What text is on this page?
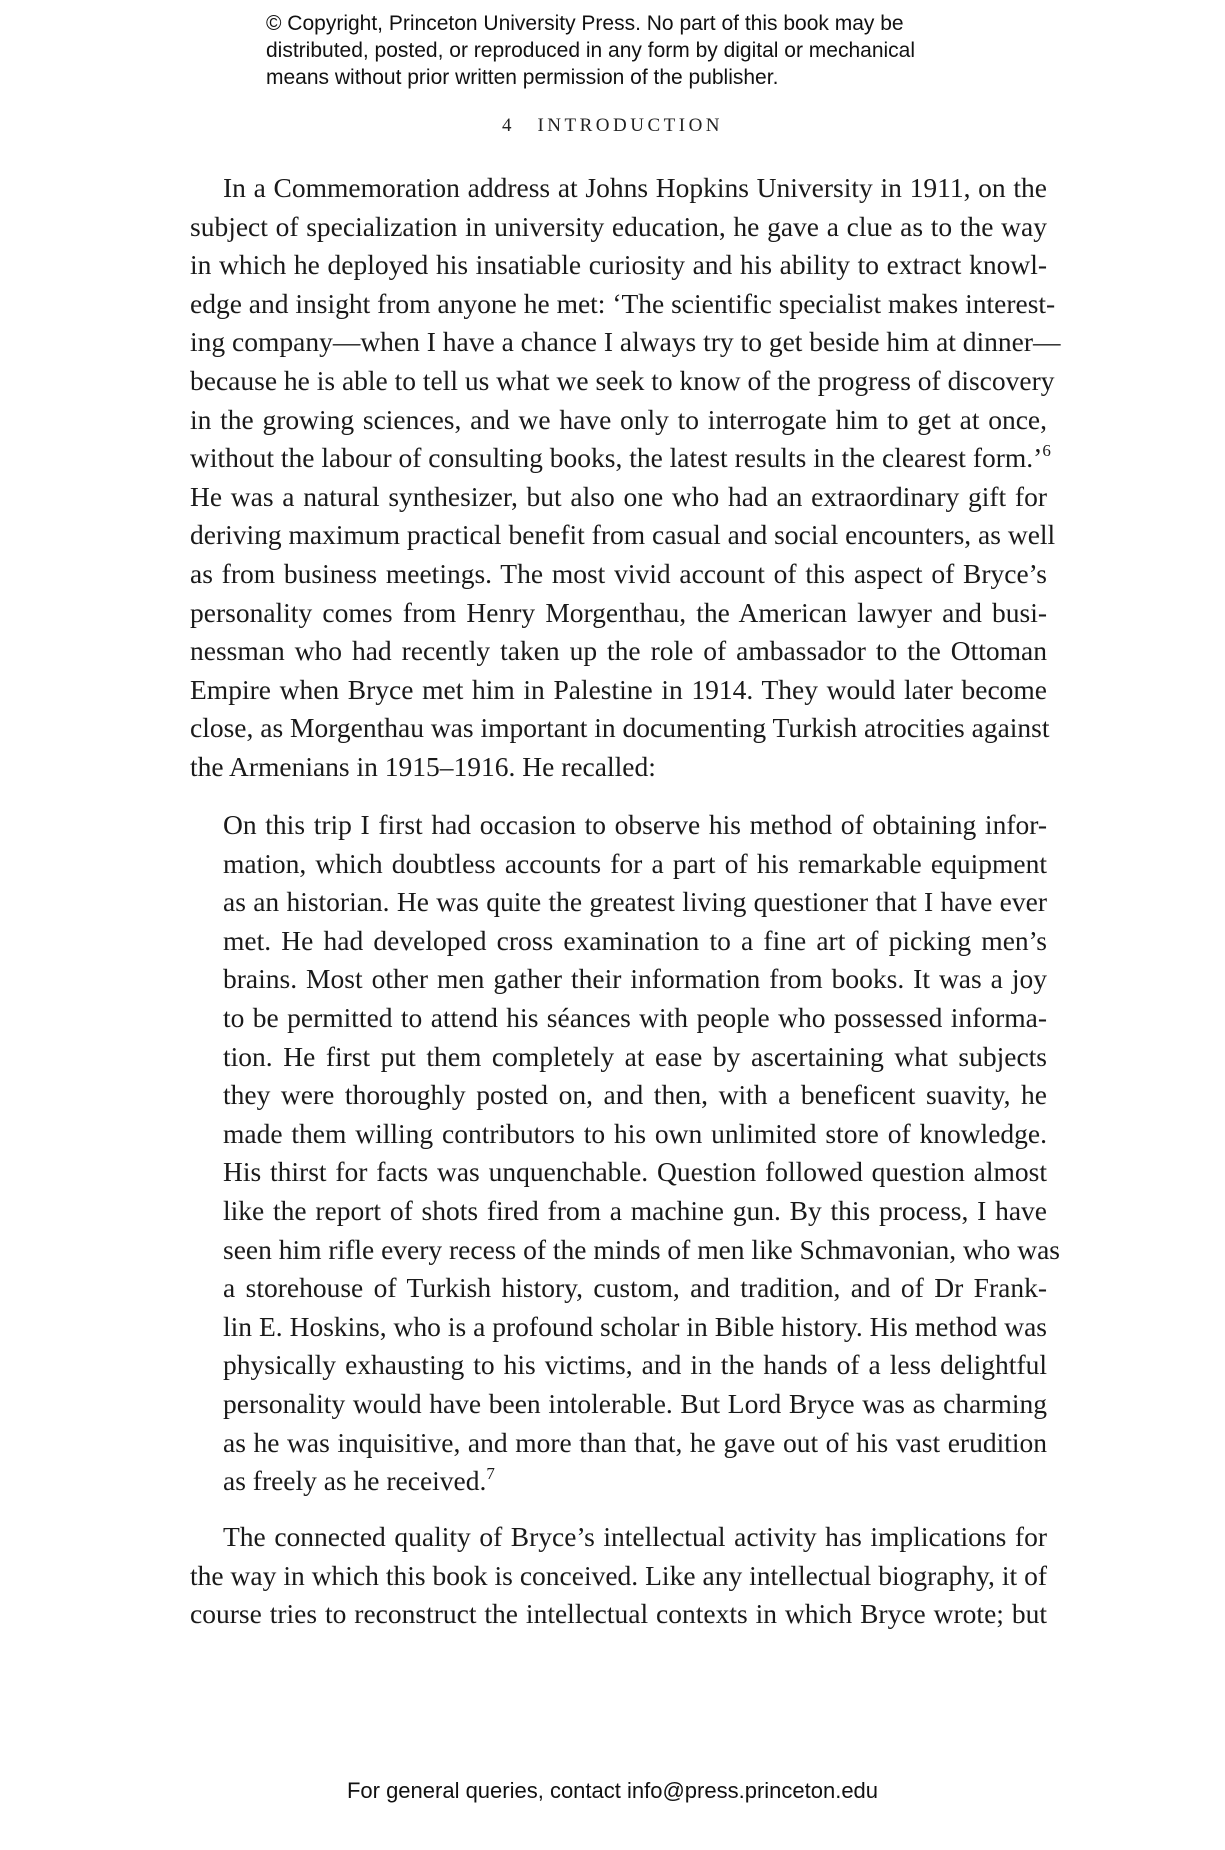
© Copyright, Princeton University Press. No part of this book may be
distributed, posted, or reproduced in any form by digital or mechanical
means without prior written permission of the publisher.
4 INTRODUCTION
In a Commemoration address at Johns Hopkins University in 1911, on the
subject of specialization in university education, he gave a clue as to the way
in which he deployed his insatiable curiosity and his ability to extract knowl-
edge and insight from anyone he met: ‘The scientific specialist makes interest-
ing company—when I have a chance I always try to get beside him at dinner—
because he is able to tell us what we seek to know of the progress of discovery
in the growing sciences, and we have only to interrogate him to get at once,
without the labour of consulting books, the latest results in the clearest form.’$^6$
He was a natural synthesizer, but also one who had an extraordinary gift for
deriving maximum practical benefit from casual and social encounters, as well
as from business meetings. The most vivid account of this aspect of Bryce’s
personality comes from Henry Morgenthau, the American lawyer and busi-
nessman who had recently taken up the role of ambassador to the Ottoman
Empire when Bryce met him in Palestine in 1914. They would later become
close, as Morgenthau was important in documenting Turkish atrocities against
the Armenians in 1915–1916. He recalled:
On this trip I first had occasion to observe his method of obtaining infor-
mation, which doubtless accounts for a part of his remarkable equipment
as an historian. He was quite the greatest living questioner that I have ever
met. He had developed cross examination to a fine art of picking men’s
brains. Most other men gather their information from books. It was a joy
to be permitted to attend his séances with people who possessed informa-
tion. He first put them completely at ease by ascertaining what subjects
they were thoroughly posted on, and then, with a beneficent suavity, he
made them willing contributors to his own unlimited store of knowledge.
His thirst for facts was unquenchable. Question followed question almost
like the report of shots fired from a machine gun. By this process, I have
seen him rifle every recess of the minds of men like Schmavonian, who was
a storehouse of Turkish history, custom, and tradition, and of Dr Frank-
lin E. Hoskins, who is a profound scholar in Bible history. His method was
physically exhausting to his victims, and in the hands of a less delightful
personality would have been intolerable. But Lord Bryce was as charming
as he was inquisitive, and more than that, he gave out of his vast erudition
as freely as he received.$^7$
The connected quality of Bryce’s intellectual activity has implications for
the way in which this book is conceived. Like any intellectual biography, it of
course tries to reconstruct the intellectual contexts in which Bryce wrote; but
For general queries, contact info@press.princeton.edu
